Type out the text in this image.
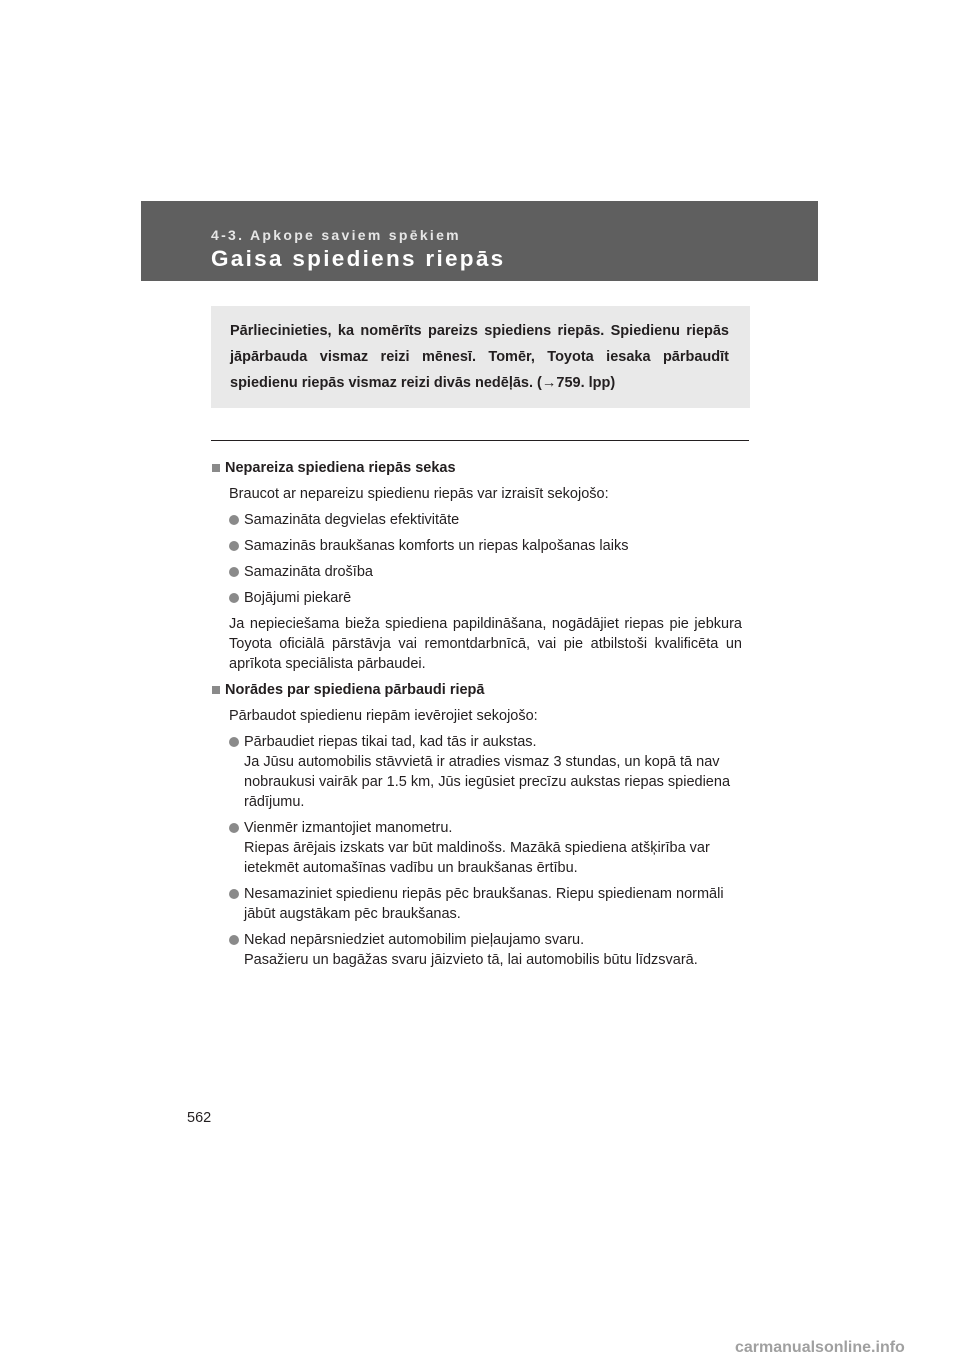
4-3. Apkope saviem spēkiem
Gaisa spiediens riepās
Pārliecinieties, ka nomērīts pareizs spiediens riepās. Spiedienu riepās jāpārbauda vismaz reizi mēnesī. Tomēr, Toyota iesaka pārbaudīt spiedienu riepās vismaz reizi divās nedēļās. (→759. lpp)
Nepareiza spiediena riepās sekas
Braucot ar nepareizu spiedienu riepās var izraisīt sekojošo:
Samazināta degvielas efektivitāte
Samazinās braukšanas komforts un riepas kalpošanas laiks
Samazināta drošība
Bojājumi piekarē
Ja nepieciešama bieža spiediena papildināšana, nogādājiet riepas pie jebkura Toyota oficiālā pārstāvja vai remontdarbnīcā, vai pie atbilstoši kvalificēta un aprīkota speciālista pārbaudei.
Norādes par spiediena pārbaudi riepā
Pārbaudot spiedienu riepām ievērojiet sekojošo:
Pārbaudiet riepas tikai tad, kad tās ir aukstas.
Ja Jūsu automobilis stāvvietā ir atradies vismaz 3 stundas, un kopā tā nav nobraukusi vairāk par 1.5 km, Jūs iegūsiet precīzu aukstas riepas spiediena rādījumu.
Vienmēr izmantojiet manometru.
Riepas ārējais izskats var būt maldinošs. Mazākā spiediena atšķirība var ietekmēt automašīnas vadību un braukšanas ērtību.
Nesamaziniet spiedienu riepās pēc braukšanas. Riepu spiedienam normāli jābūt augstākam pēc braukšanas.
Nekad nepārsniedziet automobilim pieļaujamo svaru.
Pasažieru un bagāžas svaru jāizvieto tā, lai automobilis būtu līdzsvarā.
562
carmanualsonline.info
